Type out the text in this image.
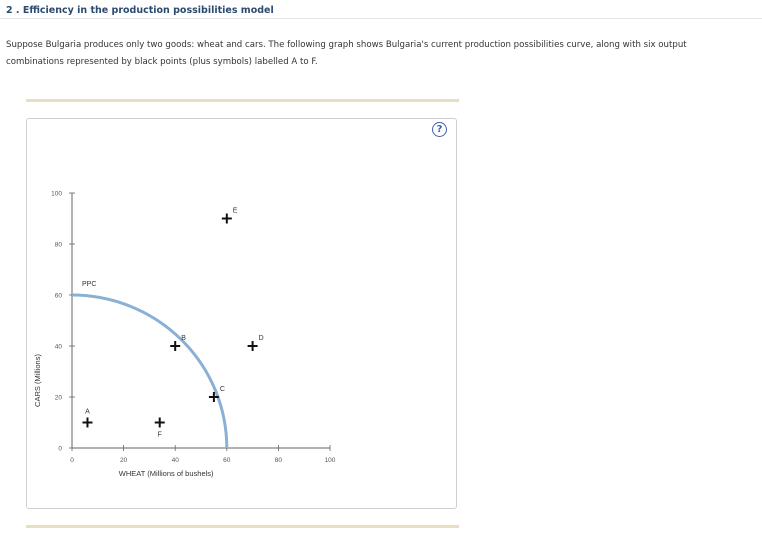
2 . Efficiency in the production possibilities model
Suppose Bulgaria produces only two goods: wheat and cars. The following graph shows Bulgaria's current production possibilities curve, along with six output combinations represented by black points (plus symbols) labelled A to F.
?
0	20	40	60	80	100
0
20
40
60
80
100
PPC
A
B
C
D
E
F
WHEAT (Millions of bushels)
CARS (Millions)
